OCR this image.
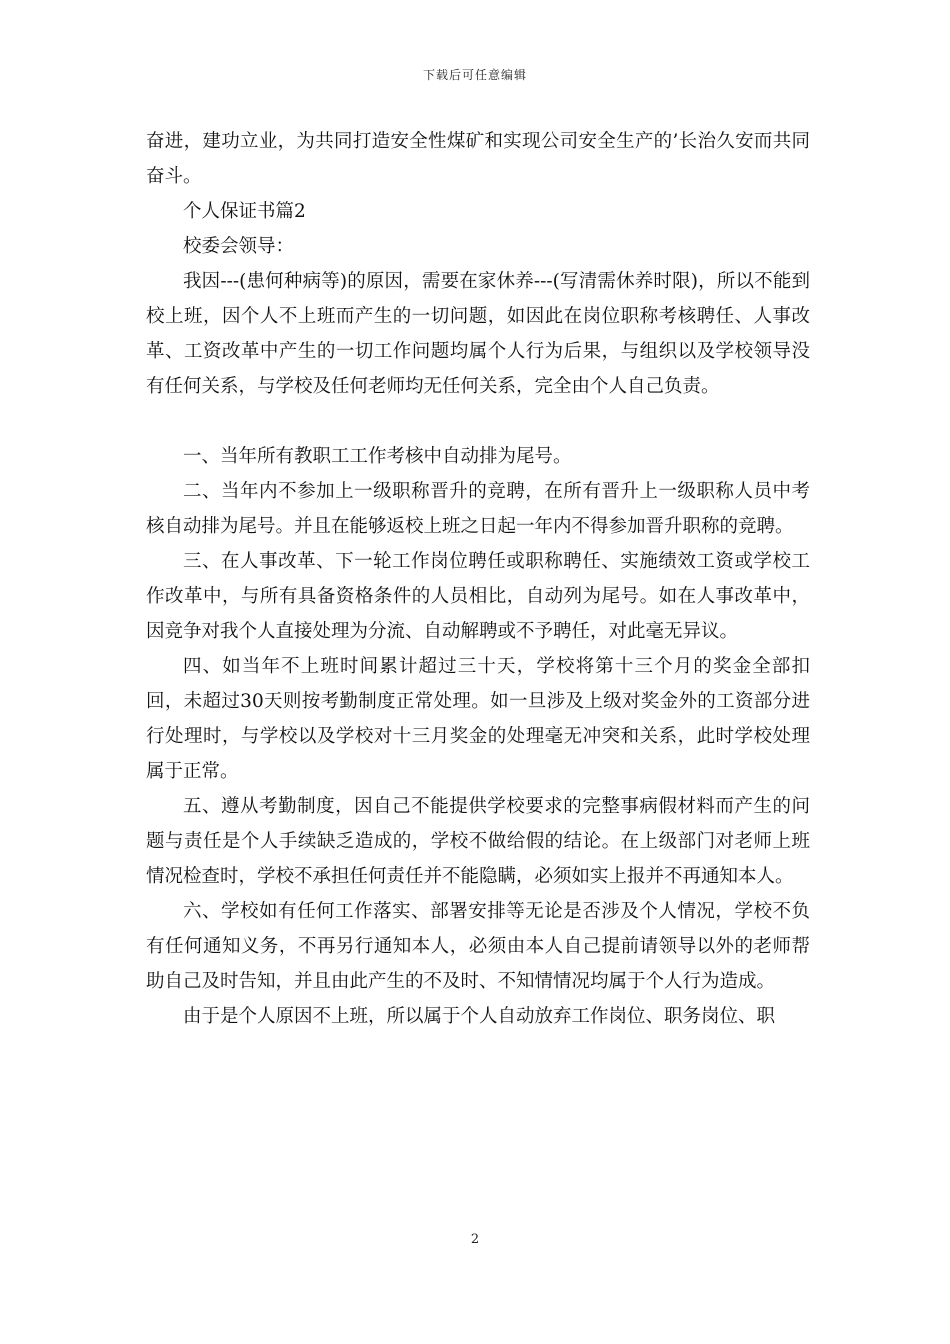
下载后可任意编辑

奋进，建功立业，为共同打造安全性煤矿和实现公司安全生产的’长治久安而共同奋斗。

个人保证书篇2

校委会领导：

我因---(患何种病等)的原因，需要在家休养---(写清需休养时限)，所以不能到校上班，因个人不上班而产生的一切问题，如因此在岗位职称考核聘任、人事改革、工资改革中产生的一切工作问题均属个人行为后果，与组织以及学校领导没有任何关系，与学校及任何老师均无任何关系，完全由个人自己负责。

一、当年所有教职工工作考核中自动排为尾号。

二、当年内不参加上一级职称晋升的竞聘，在所有晋升上一级职称人员中考核自动排为尾号。并且在能够返校上班之日起一年内不得参加晋升职称的竞聘。

三、在人事改革、下一轮工作岗位聘任或职称聘任、实施绩效工资或学校工作改革中，与所有具备资格条件的人员相比，自动列为尾号。如在人事改革中，因竞争对我个人直接处理为分流、自动解聘或不予聘任，对此毫无异议。

四、如当年不上班时间累计超过三十天，学校将第十三个月的奖金全部扣回，未超过30天则按考勤制度正常处理。如一旦涉及上级对奖金外的工资部分进行处理时，与学校以及学校对十三月奖金的处理毫无冲突和关系，此时学校处理属于正常。

五、遵从考勤制度，因自己不能提供学校要求的完整事病假材料而产生的问题与责任是个人手续缺乏造成的，学校不做给假的结论。在上级部门对老师上班情况检查时，学校不承担任何责任并不能隐瞒，必须如实上报并不再通知本人。

六、学校如有任何工作落实、部署安排等无论是否涉及个人情况，学校不负有任何通知义务，不再另行通知本人，必须由本人自己提前请领导以外的老师帮助自己及时告知，并且由此产生的不及时、不知情情况均属于个人行为造成。

由于是个人原因不上班，所以属于个人自动放弃工作岗位、职务岗位、职

2
